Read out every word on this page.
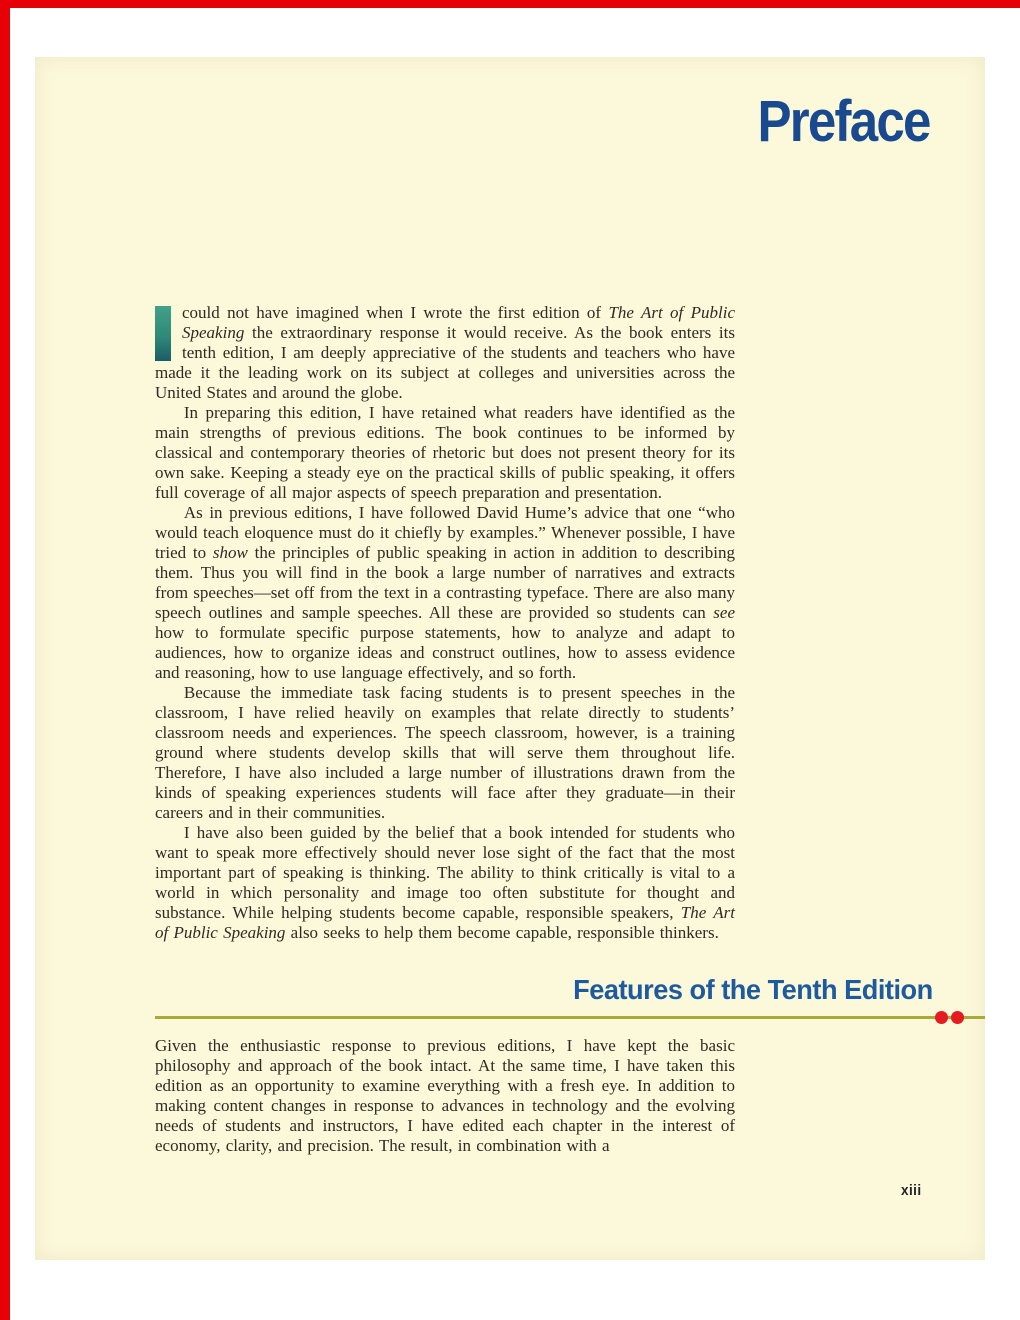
Preface

could not have imagined when I wrote the first edition of The Art of Public Speaking the extraordinary response it would receive. As the book enters its tenth edition, I am deeply appreciative of the students and teachers who have made it the leading work on its subject at colleges and universities across the United States and around the globe.

In preparing this edition, I have retained what readers have identified as the main strengths of previous editions. The book continues to be informed by classical and contemporary theories of rhetoric but does not present theory for its own sake. Keeping a steady eye on the practical skills of public speaking, it offers full coverage of all major aspects of speech preparation and presentation.

As in previous editions, I have followed David Hume’s advice that one “who would teach eloquence must do it chiefly by examples.” Whenever possible, I have tried to show the principles of public speaking in action in addition to describing them. Thus you will find in the book a large number of narratives and extracts from speeches—set off from the text in a contrasting typeface. There are also many speech outlines and sample speeches. All these are provided so students can see how to formulate specific purpose statements, how to analyze and adapt to audiences, how to organize ideas and construct outlines, how to assess evidence and reasoning, how to use language effectively, and so forth.

Because the immediate task facing students is to present speeches in the classroom, I have relied heavily on examples that relate directly to students’ classroom needs and experiences. The speech classroom, however, is a training ground where students develop skills that will serve them throughout life. Therefore, I have also included a large number of illustrations drawn from the kinds of speaking experiences students will face after they graduate—in their careers and in their communities.

I have also been guided by the belief that a book intended for students who want to speak more effectively should never lose sight of the fact that the most important part of speaking is thinking. The ability to think critically is vital to a world in which personality and image too often substitute for thought and substance. While helping students become capable, responsible speakers, The Art of Public Speaking also seeks to help them become capable, responsible thinkers.

Features of the Tenth Edition

Given the enthusiastic response to previous editions, I have kept the basic philosophy and approach of the book intact. At the same time, I have taken this edition as an opportunity to examine everything with a fresh eye. In addition to making content changes in response to advances in technology and the evolving needs of students and instructors, I have edited each chapter in the interest of economy, clarity, and precision. The result, in combination with a

xiii
